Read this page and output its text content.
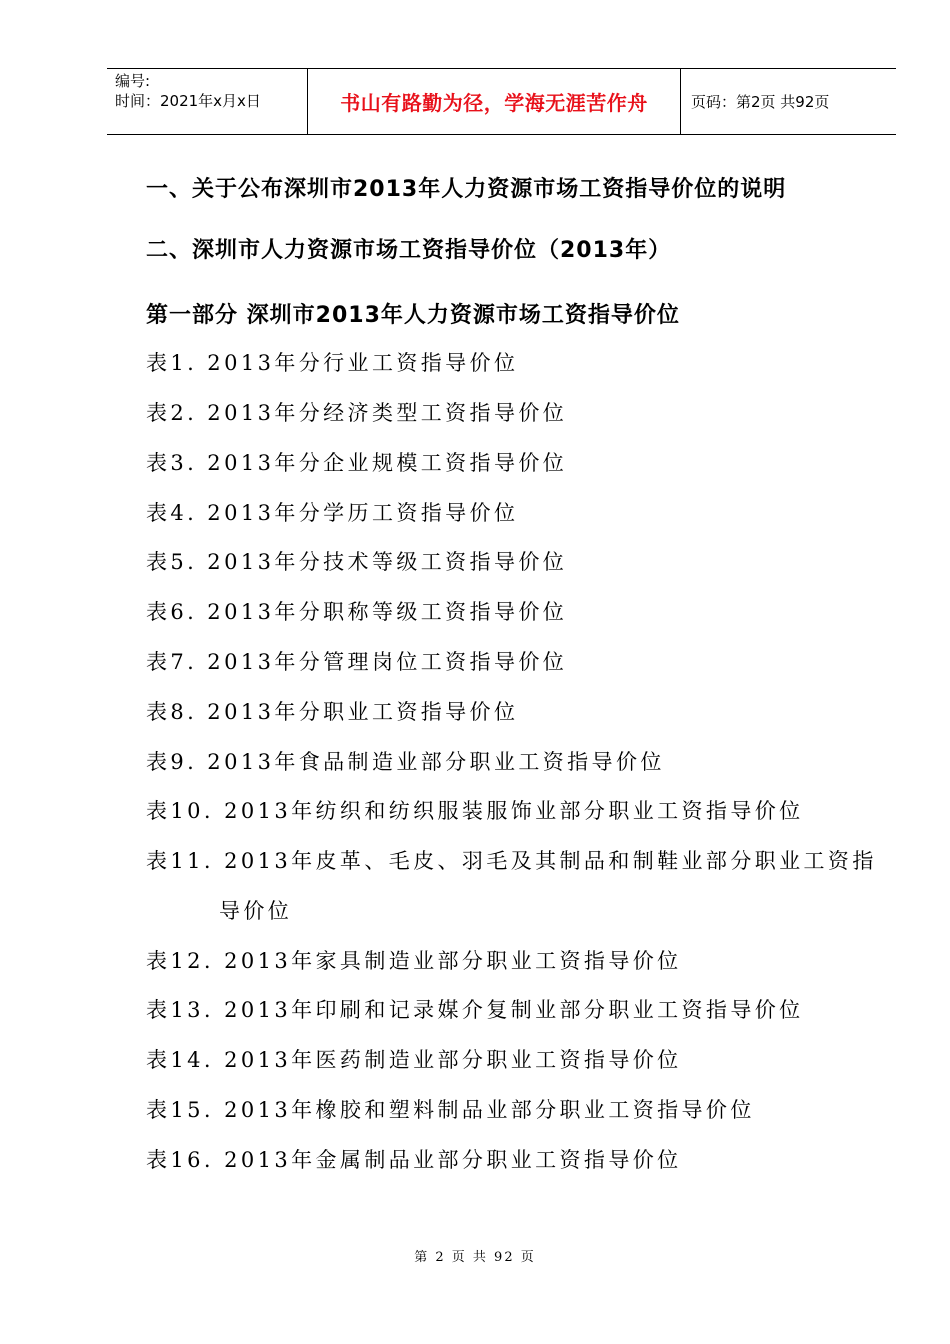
编号:
时间：2021年x月x日	书山有路勤为径，学海无涯苦作舟	页码：第2页 共92页
一、关于公布深圳市2013年人力资源市场工资指导价位的说明
二、深圳市人力资源市场工资指导价位（2013年）
第一部分 深圳市2013年人力资源市场工资指导价位
表1. 2013年分行业工资指导价位
表2. 2013年分经济类型工资指导价位
表3. 2013年分企业规模工资指导价位
表4. 2013年分学历工资指导价位
表5. 2013年分技术等级工资指导价位
表6. 2013年分职称等级工资指导价位
表7. 2013年分管理岗位工资指导价位
表8. 2013年分职业工资指导价位
表9. 2013年食品制造业部分职业工资指导价位
表10. 2013年纺织和纺织服装服饰业部分职业工资指导价位
表11. 2013年皮革、毛皮、羽毛及其制品和制鞋业部分职业工资指
导价位
表12. 2013年家具制造业部分职业工资指导价位
表13. 2013年印刷和记录媒介复制业部分职业工资指导价位
表14. 2013年医药制造业部分职业工资指导价位
表15. 2013年橡胶和塑料制品业部分职业工资指导价位
表16. 2013年金属制品业部分职业工资指导价位
第 2 页 共 92 页
